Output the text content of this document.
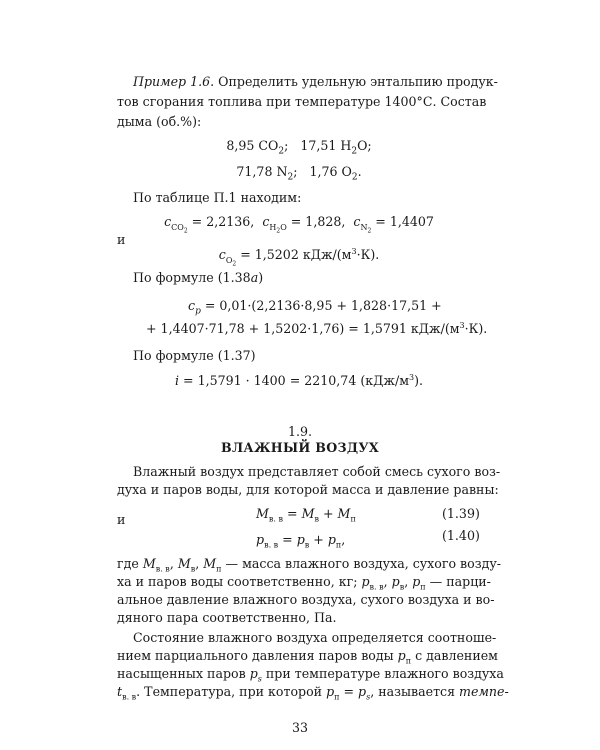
Пример 1.6. Определить удельную энтальпию продук-
тов сгорания топлива при температуре 1400°С. Состав
дыма (об.%):
8,95 $CO_2$;   17,51 $H_2O$;
71,78 $N_2$;   1,76 $O_2$.
По таблице П.1 находим:
$c_{CO_2} = 2,2136$,  $c_{H_2O} = 1,828$,  $c_{N_2} = 1,4407$
и
$c_{O_2} = 1,5202$ кДж/$(м^3\cdot К)$.
По формуле (1.38а)
$c_p = 0,01\cdot(2,2136\cdot 8,95 + 1,828\cdot 17,51$ +
+ 1,4407·71,78 + 1,5202·1,76) = 1,5791 кДж/$(м^3\cdot К)$.
По формуле (1.37)
i = 1,5791 · 1400 = 2210,74 $(кДж/м^3)$.
1.9.
ВЛАЖНЫЙ ВОЗДУХ
Влажный воздух представляет собой смесь сухого воз-
духа и паров воды, для которой масса и давление равны:
$M_{в. в} = M_в + M_п$	(1.39)
и
$p_{в. в} = p_в + p_п$,	(1.40)
где $M_{в. в}$, $M_в$, $M_п$ — масса влажного воздуха, сухого возду-
ха и паров воды соответственно, кг; $p_{в. в}$, $p_в$, $p_п$ — парци-
альное давление влажного воздуха, сухого воздуха и во-
дяного пара соответственно, Па.
Состояние влажного воздуха определяется соотноше-
нием парциального давления паров воды $p_п$ с давлением
насыщенных паров $p_s$ при температуре влажного воздуха
$t_{в. в}$. Температура, при которой $p_п = p_s$, называется темпе-
33
